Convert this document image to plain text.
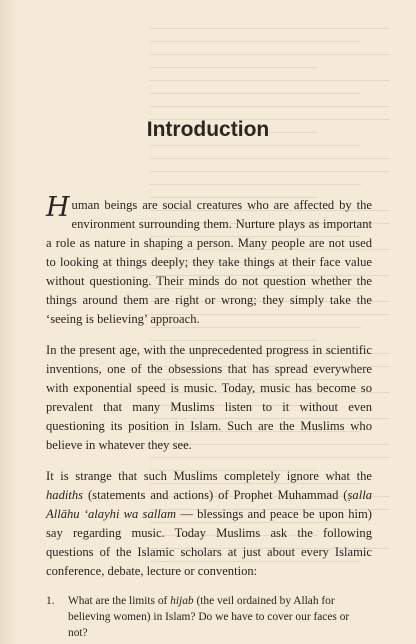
Introduction

Human beings are social creatures who are affected by the environment surrounding them. Nurture plays as important a role as nature in shaping a person. Many people are not used to looking at things deeply; they take things at their face value without questioning. Their minds do not question whether the things around them are right or wrong; they simply take the ‘seeing is believing’ approach.

In the present age, with the unprecedented progress in scientific inventions, one of the obsessions that has spread everywhere with exponential speed is music. Today, music has become so prevalent that many Muslims listen to it without even questioning its position in Islam. Such are the Muslims who believe in whatever they see.

It is strange that such Muslims completely ignore what the hadiths (statements and actions) of Prophet Muhammad (ṣalla Allāhu ‘alayhi wa sallam — blessings and peace be upon him) say regarding music. Today Muslims ask the following questions of the Islamic scholars at just about every Islamic conference, debate, lecture or convention:

1.	What are the limits of hijab (the veil ordained by Allah for believing women) in Islam? Do we have to cover our faces or not?
